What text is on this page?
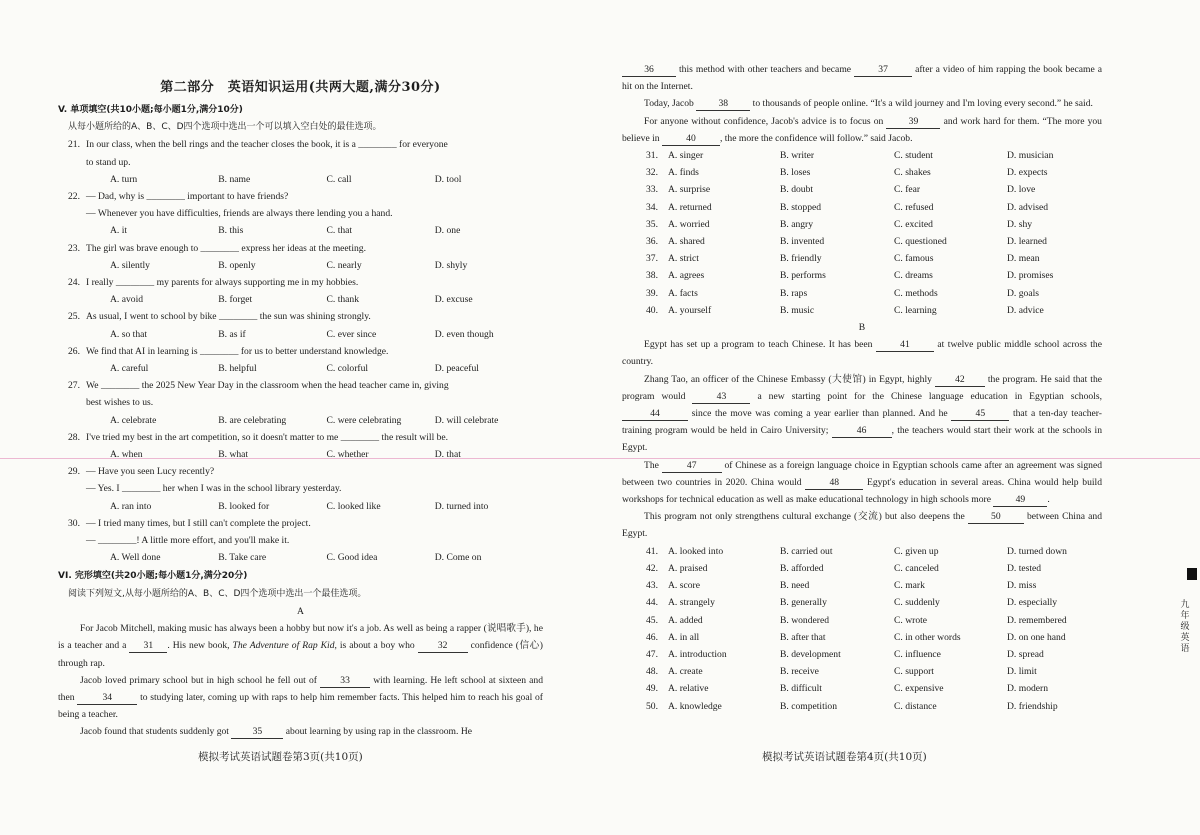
第二部分　英语知识运用(共两大题,满分30分)
V. 单项填空(共10小题;每小题1分,满分10分)
从每小题所给的A、B、C、D四个选项中选出一个可以填入空白处的最佳选项。
21. In our class, when the bell rings and the teacher closes the book, it is a ________ for everyone
to stand up.
A. turn	B. name	C. call	D. tool
22. — Dad, why is ________ important to have friends?
— Whenever you have difficulties, friends are always there lending you a hand.
A. it	B. this	C. that	D. one
23. The girl was brave enough to ________ express her ideas at the meeting.
A. silently	B. openly	C. nearly	D. shyly
24. I really ________ my parents for always supporting me in my hobbies.
A. avoid	B. forget	C. thank	D. excuse
25. As usual, I went to school by bike ________ the sun was shining strongly.
A. so that	B. as if	C. ever since	D. even though
26. We find that AI in learning is ________ for us to better understand knowledge.
A. careful	B. helpful	C. colorful	D. peaceful
27. We ________ the 2025 New Year Day in the classroom when the head teacher came in, giving
best wishes to us.
A. celebrate	B. are celebrating	C. were celebrating	D. will celebrate
28. I've tried my best in the art competition, so it doesn't matter to me ________ the result will be.
A. when	B. what	C. whether	D. that
29. — Have you seen Lucy recently?
— Yes. I ________ her when I was in the school library yesterday.
A. ran into	B. looked for	C. looked like	D. turned into
30. — I tried many times, but I still can't complete the project.
— ________! A little more effort, and you'll make it.
A. Well done	B. Take care	C. Good idea	D. Come on
VI. 完形填空(共20小题;每小题1分,满分20分)
阅读下列短文,从每小题所给的A、B、C、D四个选项中选出一个最佳选项。
A
For Jacob Mitchell, making music has always been a hobby but now it's a job. As well as being a rapper (说唱歌手), he is a teacher and a 31 . His new book, The Adventure of Rap Kid, is about a boy who 32 confidence (信心) through rap.
Jacob loved primary school but in high school he fell out of 33 with learning. He left school at sixteen and then	34	to studying later, coming up with raps to help him remember facts. This helped him to reach his goal of being a teacher.
Jacob found that students suddenly got 35 about learning by using rap in the classroom. He
模拟考试英语试题卷第3页(共10页)
36	this method with other teachers and became	37	after a video of him rapping the book became a hit on the Internet.
Today, Jacob	38	to thousands of people online. “It's a wild journey and I'm loving every second.” he said.
For anyone without confidence, Jacob's advice is to focus on	39	and work hard for them. “The more you believe in	40	, the more the confidence will follow.” said Jacob.
31.	A. singer	B. writer	C. student	D. musician
32.	A. finds	B. loses	C. shakes	D. expects
33.	A. surprise	B. doubt	C. fear	D. love
34.	A. returned	B. stopped	C. refused	D. advised
35.	A. worried	B. angry	C. excited	D. shy
36.	A. shared	B. invented	C. questioned	D. learned
37.	A. strict	B. friendly	C. famous	D. mean
38.	A. agrees	B. performs	C. dreams	D. promises
39.	A. facts	B. raps	C. methods	D. goals
40.	A. yourself	B. music	C. learning	D. advice
B
Egypt has set up a program to teach Chinese. It has been	41	at twelve public middle school across the country.
Zhang Tao, an officer of the Chinese Embassy (大使馆) in Egypt, highly 42 the program. He said that the program would	43	a new starting point for the Chinese language education in Egyptian schools, 44	since the move was coming a year earlier than planned. And he	45	that a ten-day teacher-training program would be held in Cairo University;	46	, the teachers would start their work at the schools in Egypt.
The	47	of Chinese as a foreign language choice in Egyptian schools came after an agreement was signed between two countries in 2020. China would	48	Egypt's education in several areas. China would help build workshops for technical education as well as make educational technology in high schools more	49 .
This program not only strengthens cultural exchange (交流) but also deepens the	50	between China and Egypt.
41.	A. looked into	B. carried out	C. given up	D. turned down
42.	A. praised	B. afforded	C. canceled	D. tested
43.	A. score	B. need	C. mark	D. miss
44.	A. strangely	B. generally	C. suddenly	D. especially
45.	A. added	B. wondered	C. wrote	D. remembered
46.	A. in all	B. after that	C. in other words	D. on one hand
47.	A. introduction	B. development	C. influence	D. spread
48.	A. create	B. receive	C. support	D. limit
49.	A. relative	B. difficult	C. expensive	D. modern
50.	A. knowledge	B. competition	C. distance	D. friendship
模拟考试英语试题卷第4页(共10页)
九年级英语
